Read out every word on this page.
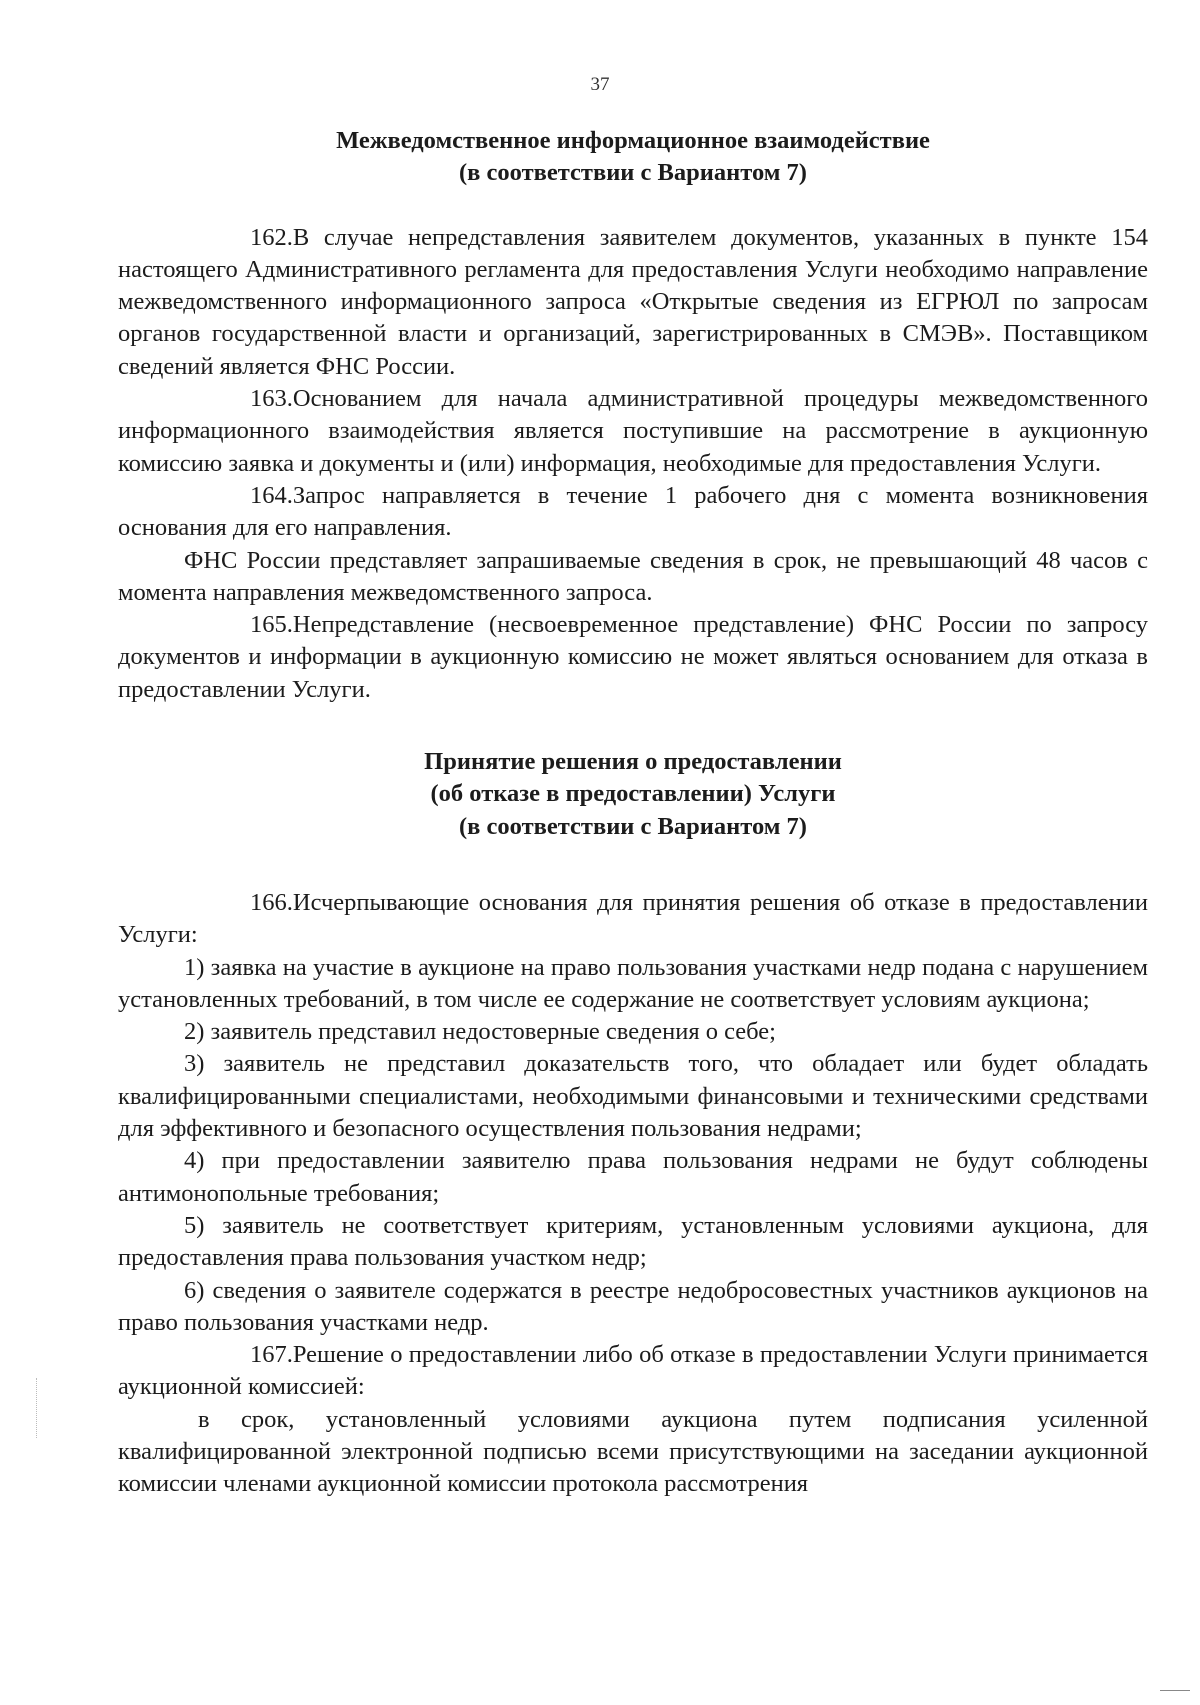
37
Межведомственное информационное взаимодействие
(в соответствии с Вариантом 7)

162.В случае непредставления заявителем документов, указанных в пункте 154 настоящего Административного регламента для предоставления Услуги необходимо направление межведомственного информационного запроса «Открытые сведения из ЕГРЮЛ по запросам органов государственной власти и организаций, зарегистрированных в СМЭВ». Поставщиком сведений является ФНС России.

163.Основанием для начала административной процедуры межведомственного информационного взаимодействия является поступившие на рассмотрение в аукционную комиссию заявка и документы и (или) информация, необходимые для предоставления Услуги.

164.Запрос направляется в течение 1 рабочего дня с момента возникновения основания для его направления.

ФНС России представляет запрашиваемые сведения в срок, не превышающий 48 часов с момента направления межведомственного запроса.

165.Непредставление (несвоевременное представление) ФНС России по запросу документов и информации в аукционную комиссию не может являться основанием для отказа в предоставлении Услуги.

Принятие решения о предоставлении
(об отказе в предоставлении) Услуги
(в соответствии с Вариантом 7)

166.Исчерпывающие основания для принятия решения об отказе в предоставлении Услуги:

1) заявка на участие в аукционе на право пользования участками недр подана с нарушением установленных требований, в том числе ее содержание не соответствует условиям аукциона;

2) заявитель представил недостоверные сведения о себе;

3) заявитель не представил доказательств того, что обладает или будет обладать квалифицированными специалистами, необходимыми финансовыми и техническими средствами для эффективного и безопасного осуществления пользования недрами;

4) при предоставлении заявителю права пользования недрами не будут соблюдены антимонопольные требования;

5) заявитель не соответствует критериям, установленным условиями аукциона, для предоставления права пользования участком недр;

6) сведения о заявителе содержатся в реестре недобросовестных участников аукционов на право пользования участками недр.

167.Решение о предоставлении либо об отказе в предоставлении Услуги принимается аукционной комиссией:

в срок, установленный условиями аукциона путем подписания усиленной квалифицированной электронной подписью всеми присутствующими на заседании аукционной комиссии членами аукционной комиссии протокола рассмотрения
